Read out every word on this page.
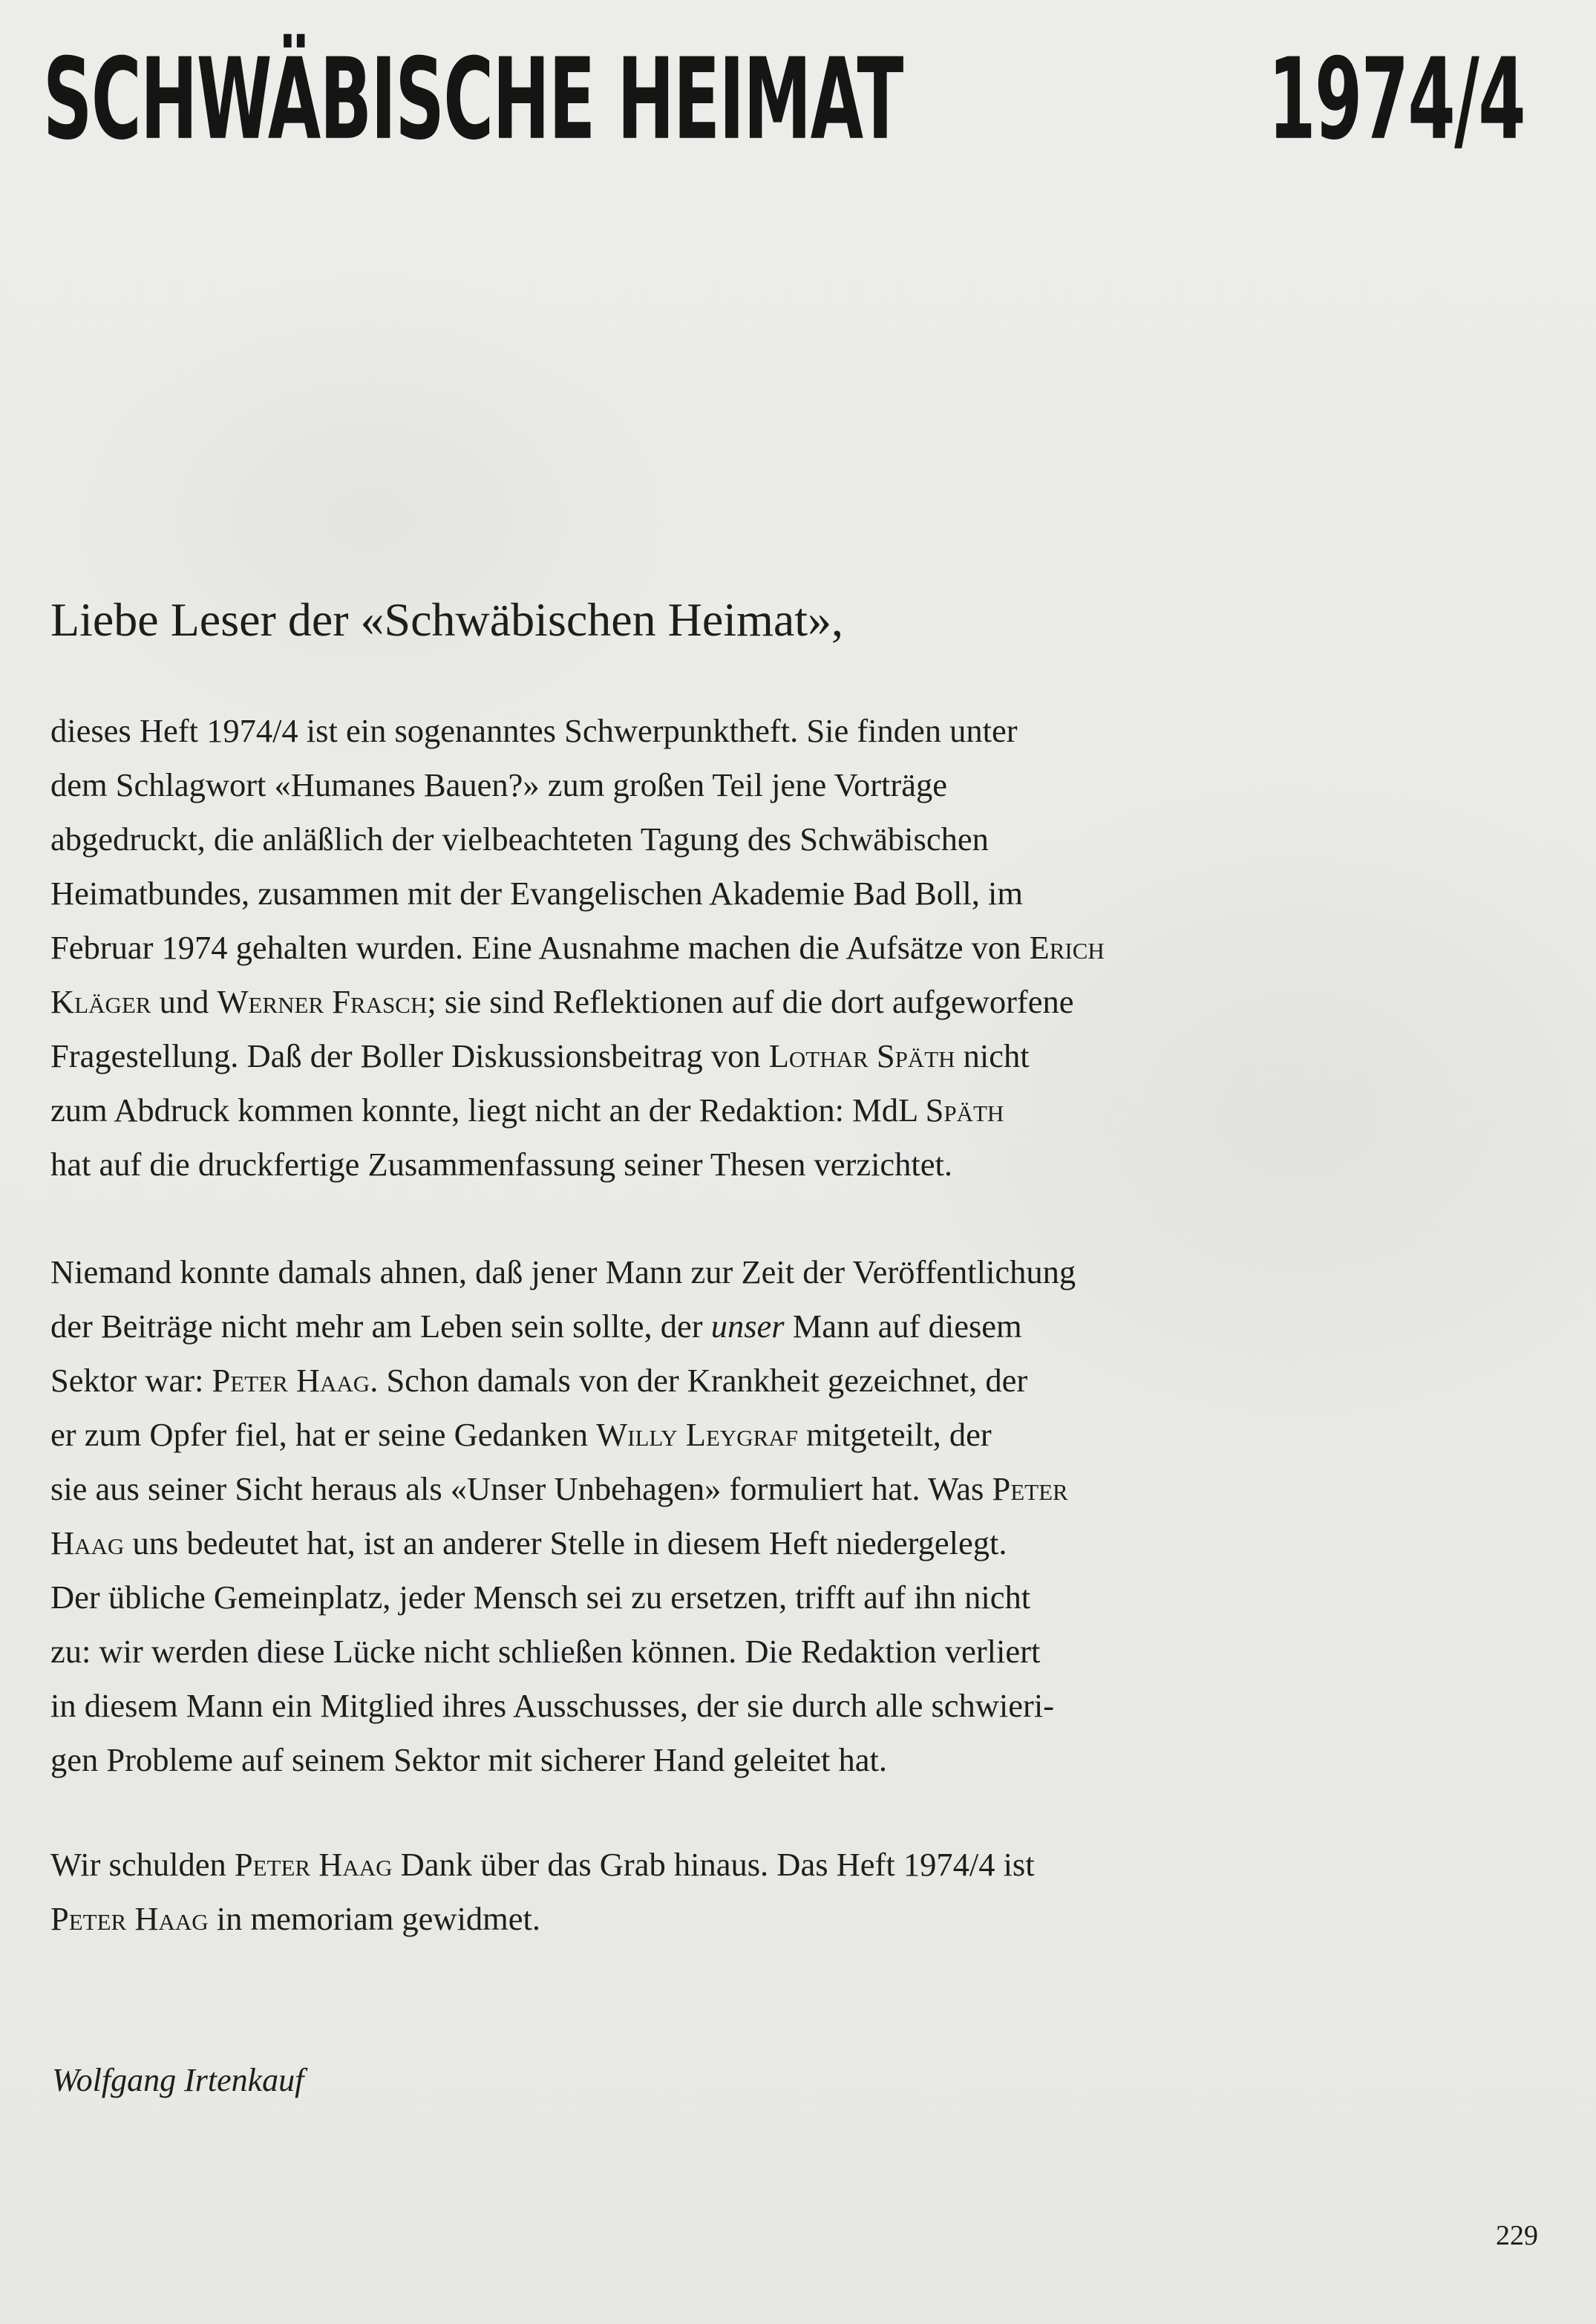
SCHWÄBISCHE HEIMAT	1974/4
Liebe Leser der «Schwäbischen Heimat»,
dieses Heft 1974/4 ist ein sogenanntes Schwerpunktheft. Sie finden unter
dem Schlagwort «Humanes Bauen?» zum großen Teil jene Vorträge
abgedruckt, die anläßlich der vielbeachteten Tagung des Schwäbischen
Heimatbundes, zusammen mit der Evangelischen Akademie Bad Boll, im
Februar 1974 gehalten wurden. Eine Ausnahme machen die Aufsätze von Erich
Kläger und Werner Frasch; sie sind Reflektionen auf die dort aufgeworfene
Fragestellung. Daß der Boller Diskussionsbeitrag von Lothar Späth nicht
zum Abdruck kommen konnte, liegt nicht an der Redaktion: MdL Späth
hat auf die druckfertige Zusammenfassung seiner Thesen verzichtet.
Niemand konnte damals ahnen, daß jener Mann zur Zeit der Veröffentlichung
der Beiträge nicht mehr am Leben sein sollte, der unser Mann auf diesem
Sektor war: Peter Haag. Schon damals von der Krankheit gezeichnet, der
er zum Opfer fiel, hat er seine Gedanken Willy Leygraf mitgeteilt, der
sie aus seiner Sicht heraus als «Unser Unbehagen» formuliert hat. Was Peter
Haag uns bedeutet hat, ist an anderer Stelle in diesem Heft niedergelegt.
Der übliche Gemeinplatz, jeder Mensch sei zu ersetzen, trifft auf ihn nicht
zu: wir werden diese Lücke nicht schließen können. Die Redaktion verliert
in diesem Mann ein Mitglied ihres Ausschusses, der sie durch alle schwieri-
gen Probleme auf seinem Sektor mit sicherer Hand geleitet hat.
Wir schulden Peter Haag Dank über das Grab hinaus. Das Heft 1974/4 ist
Peter Haag in memoriam gewidmet.
Wolfgang Irtenkauf
229
